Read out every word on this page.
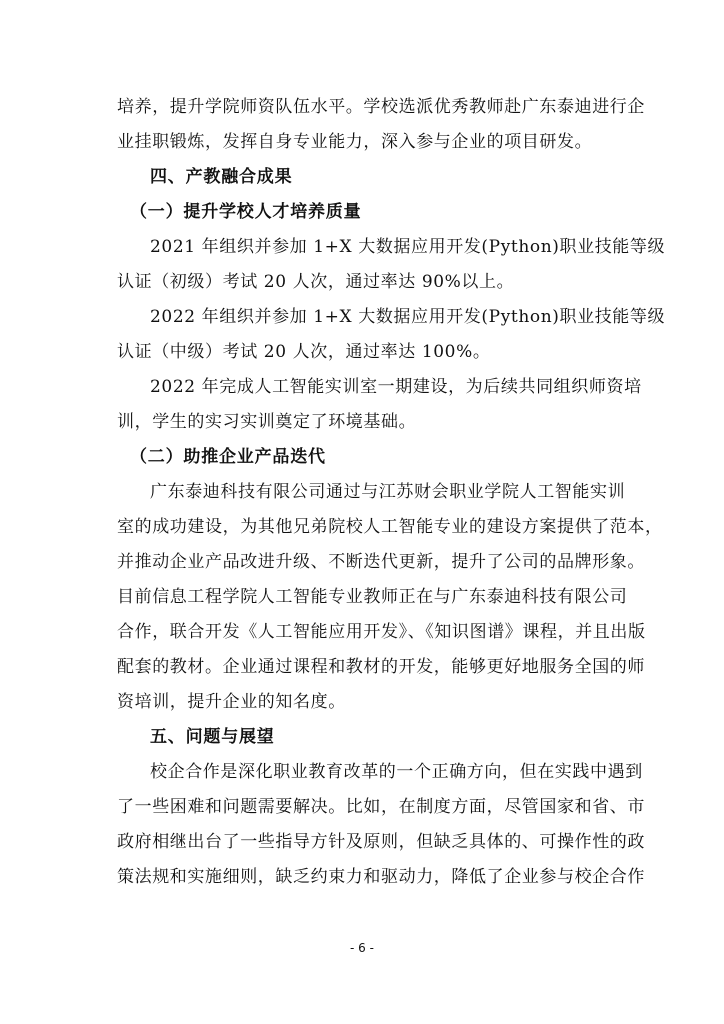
培养，提升学院师资队伍水平。学校选派优秀教师赴广东泰迪进行企
业挂职锻炼，发挥自身专业能力，深入参与企业的项目研发。
四、产教融合成果
（一）提升学校人才培养质量
2021 年组织并参加 1+X 大数据应用开发(Python)职业技能等级
认证（初级）考试 20 人次，通过率达 90%以上。
2022 年组织并参加 1+X 大数据应用开发(Python)职业技能等级
认证（中级）考试 20 人次，通过率达 100%。
2022 年完成人工智能实训室一期建设，为后续共同组织师资培
训，学生的实习实训奠定了环境基础。
（二）助推企业产品迭代
广东泰迪科技有限公司通过与江苏财会职业学院人工智能实训
室的成功建设，为其他兄弟院校人工智能专业的建设方案提供了范本，
并推动企业产品改进升级、不断迭代更新，提升了公司的品牌形象。
目前信息工程学院人工智能专业教师正在与广东泰迪科技有限公司
合作，联合开发《人工智能应用开发》、《知识图谱》课程，并且出版
配套的教材。企业通过课程和教材的开发，能够更好地服务全国的师
资培训，提升企业的知名度。
五、问题与展望
校企合作是深化职业教育改革的一个正确方向，但在实践中遇到
了一些困难和问题需要解决。比如，在制度方面，尽管国家和省、市
政府相继出台了一些指导方针及原则，但缺乏具体的、可操作性的政
策法规和实施细则，缺乏约束力和驱动力，降低了企业参与校企合作
- 6 -
